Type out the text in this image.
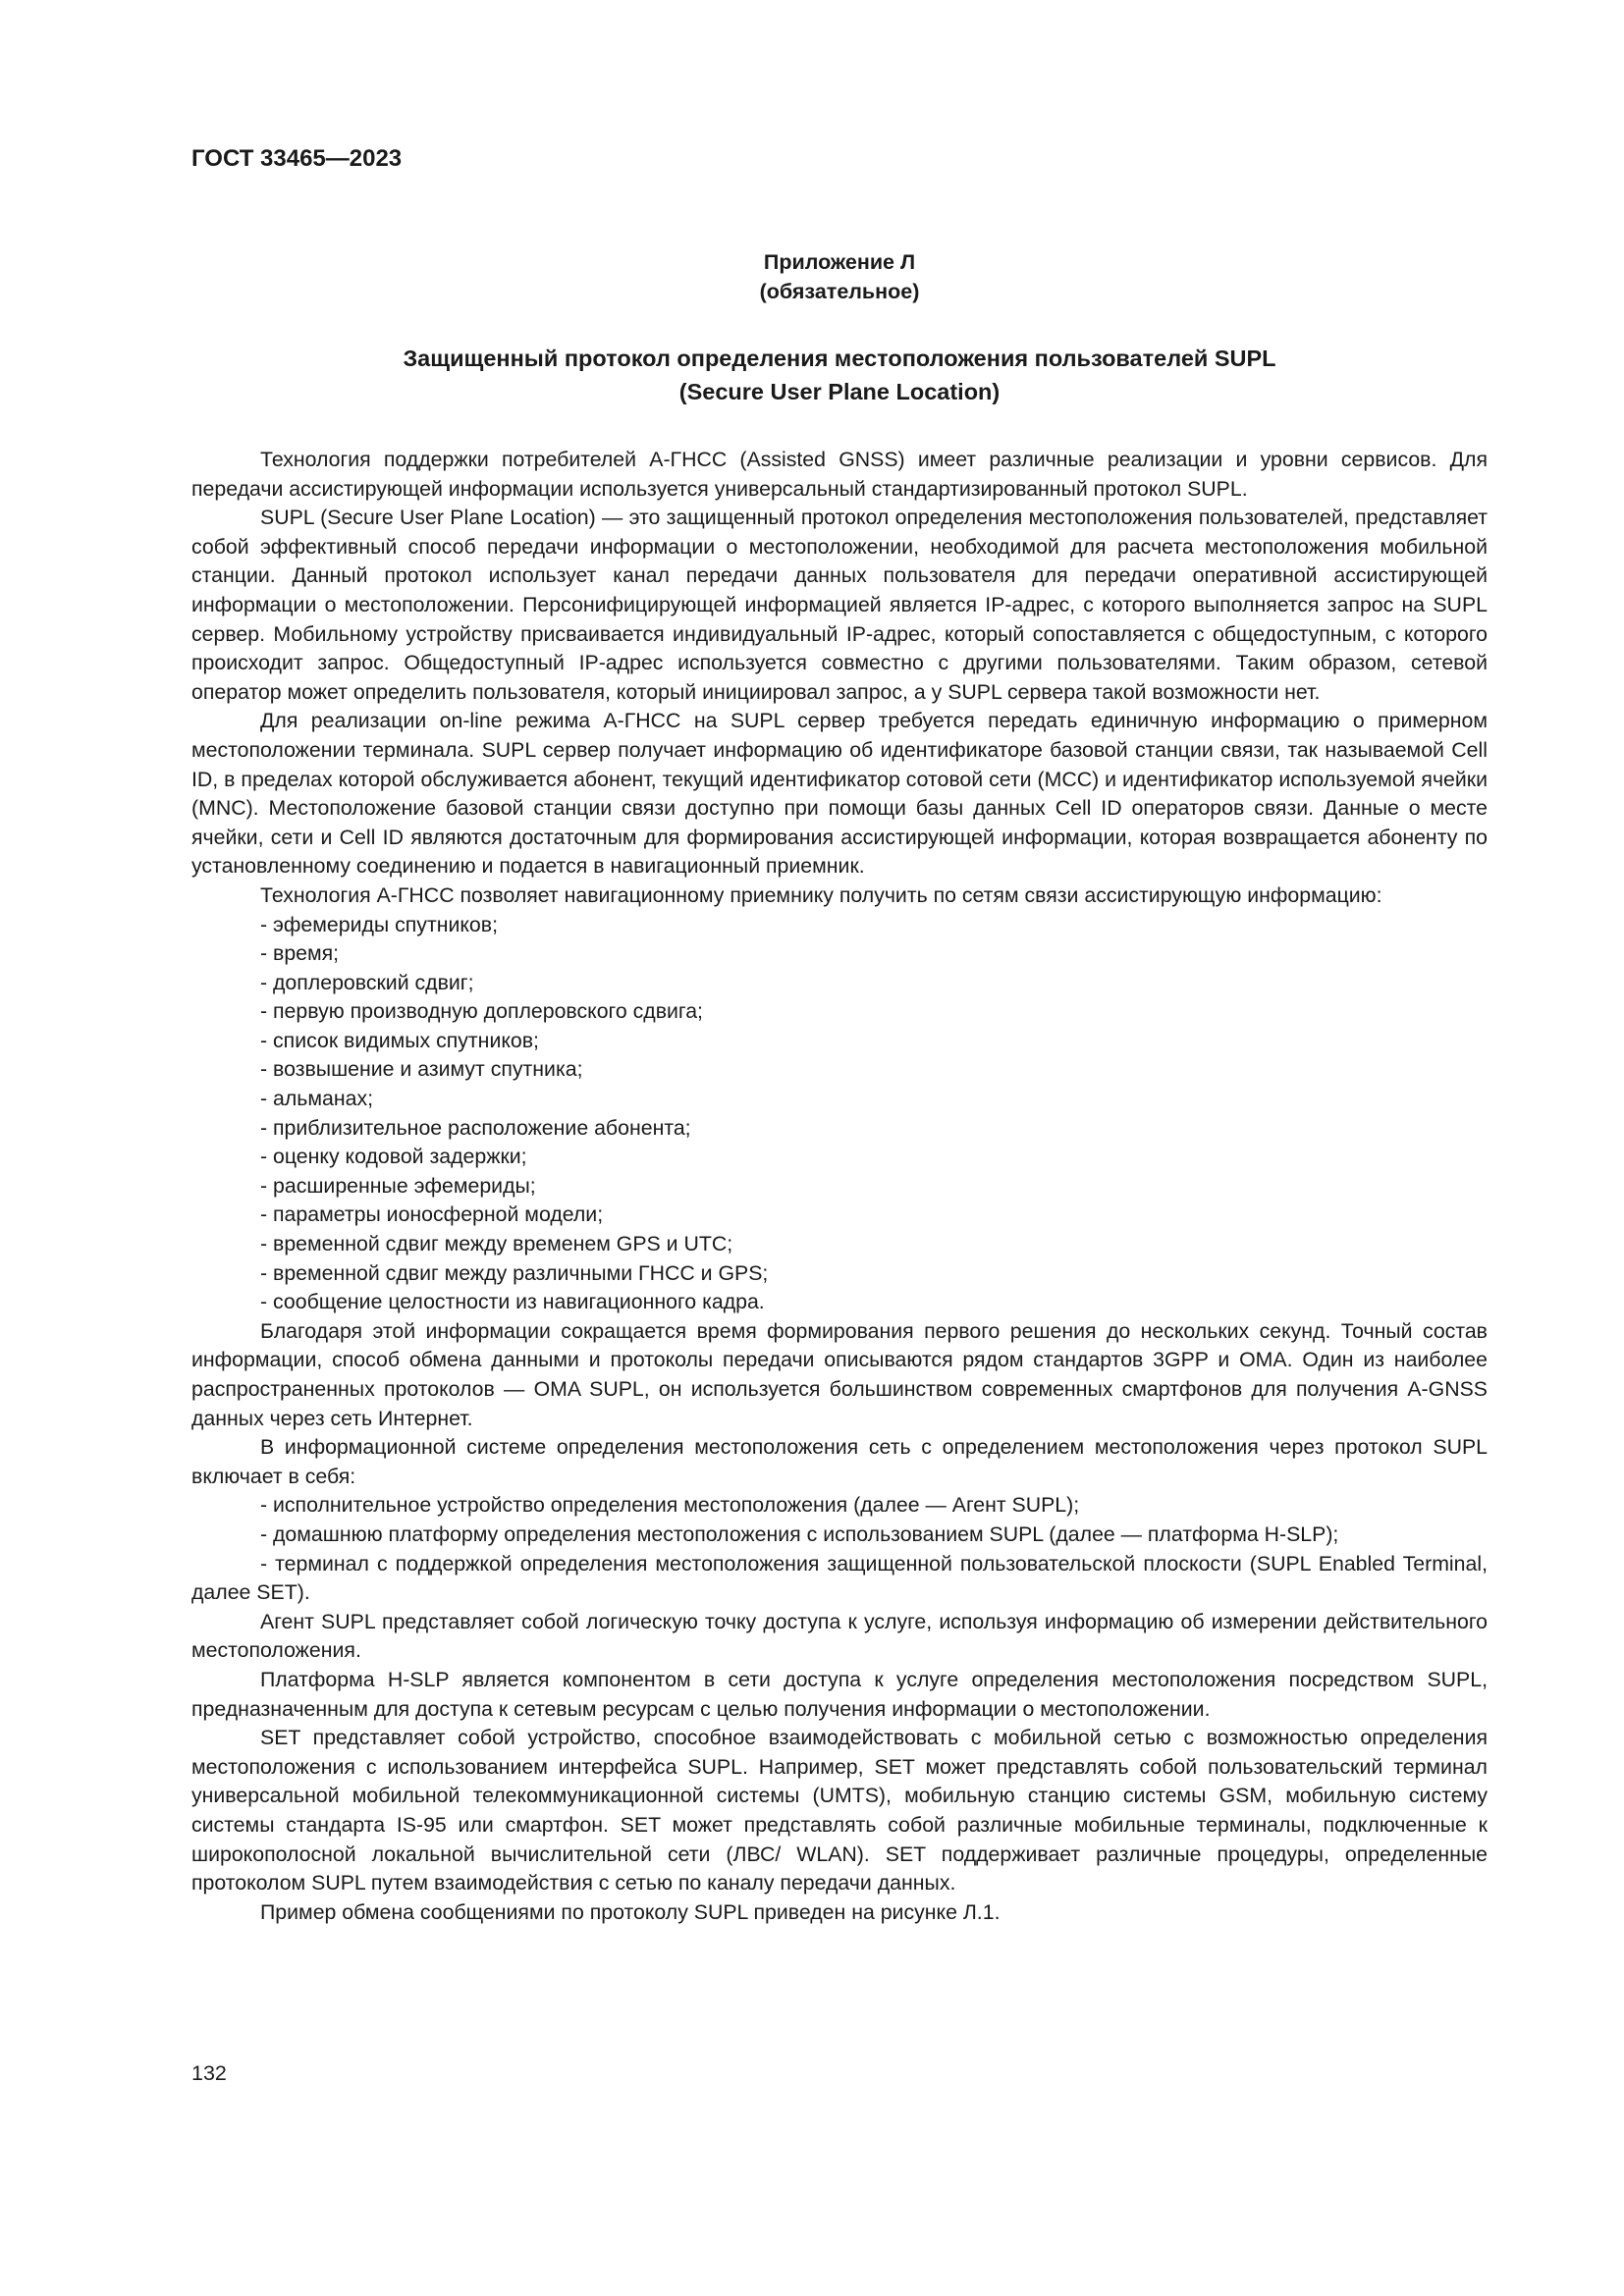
ГОСТ 33465—2023
Приложение Л
(обязательное)
Защищенный протокол определения местоположения пользователей SUPL
(Secure User Plane Location)

Технология поддержки потребителей А-ГНСС (Assisted GNSS) имеет различные реализации и уровни сервисов. Для передачи ассистирующей информации используется универсальный стандартизированный протокол SUPL.

SUPL (Secure User Plane Location) — это защищенный протокол определения местоположения пользователей, представляет собой эффективный способ передачи информации о местоположении, необходимой для расчета местоположения мобильной станции. Данный протокол использует канал передачи данных пользователя для передачи оперативной ассистирующей информации о местоположении. Персонифицирующей информацией является IP-адрес, с которого выполняется запрос на SUPL сервер. Мобильному устройству присваивается индивидуальный IP-адрес, который сопоставляется с общедоступным, с которого происходит запрос. Общедоступный IP-адрес используется совместно с другими пользователями. Таким образом, сетевой оператор может определить пользователя, который инициировал запрос, а у SUPL сервера такой возможности нет.

Для реализации on-line режима А-ГНСС на SUPL сервер требуется передать единичную информацию о примерном местоположении терминала. SUPL сервер получает информацию об идентификаторе базовой станции связи, так называемой Cell ID, в пределах которой обслуживается абонент, текущий идентификатор сотовой сети (MCC) и идентификатор используемой ячейки (MNC). Местоположение базовой станции связи доступно при помощи базы данных Cell ID операторов связи. Данные о месте ячейки, сети и Cell ID являются достаточным для формирования ассистирующей информации, которая возвращается абоненту по установленному соединению и подается в навигационный приемник.

Технология А-ГНСС позволяет навигационному приемнику получить по сетям связи ассистирующую информацию:

- эфемериды спутников;
- время;
- доплеровский сдвиг;
- первую производную доплеровского сдвига;
- список видимых спутников;
- возвышение и азимут спутника;
- альманах;
- приблизительное расположение абонента;
- оценку кодовой задержки;
- расширенные эфемериды;
- параметры ионосферной модели;
- временной сдвиг между временем GPS и UTC;
- временной сдвиг между различными ГНСС и GPS;
- сообщение целостности из навигационного кадра.

Благодаря этой информации сокращается время формирования первого решения до нескольких секунд. Точный состав информации, способ обмена данными и протоколы передачи описываются рядом стандартов 3GPP и OMA. Один из наиболее распространенных протоколов — OMA SUPL, он используется большинством современных смартфонов для получения A-GNSS данных через сеть Интернет.

В информационной системе определения местоположения сеть с определением местоположения через протокол SUPL включает в себя:

- исполнительное устройство определения местоположения (далее — Агент SUPL);

- домашнюю платформу определения местоположения с использованием SUPL (далее — платформа H-SLP);

- терминал с поддержкой определения местоположения защищенной пользовательской плоскости (SUPL Enabled Terminal, далее SET).

Агент SUPL представляет собой логическую точку доступа к услуге, используя информацию об измерении действительного местоположения.

Платформа H-SLP является компонентом в сети доступа к услуге определения местоположения посредством SUPL, предназначенным для доступа к сетевым ресурсам с целью получения информации о местоположении.

SET представляет собой устройство, способное взаимодействовать с мобильной сетью с возможностью определения местоположения с использованием интерфейса SUPL. Например, SET может представлять собой пользовательский терминал универсальной мобильной телекоммуникационной системы (UMTS), мобильную станцию системы GSM, мобильную систему системы стандарта IS-95 или смартфон. SET может представлять собой различные мобильные терминалы, подключенные к широкополосной локальной вычислительной сети (ЛВС/ WLAN). SET поддерживает различные процедуры, определенные протоколом SUPL путем взаимодействия с сетью по каналу передачи данных.

Пример обмена сообщениями по протоколу SUPL приведен на рисунке Л.1.

132
